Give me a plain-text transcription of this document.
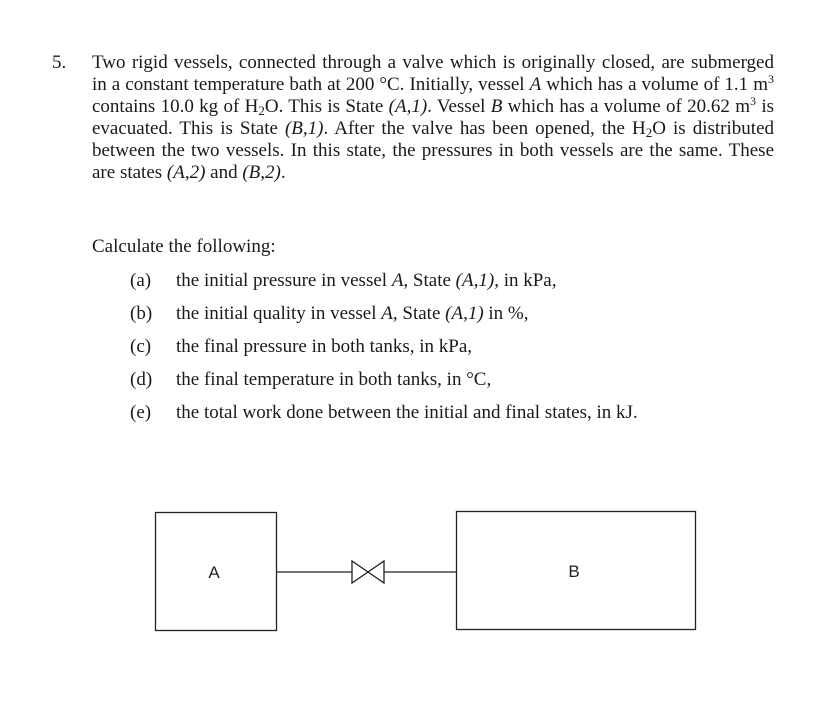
5. Two rigid vessels, connected through a valve which is originally closed, are submerged in a constant temperature bath at 200 °C. Initially, vessel A which has a volume of 1.1 $m^3$ contains 10.0 kg of $H_2O$. This is State (A,1). Vessel B which has a volume of 20.62 $m^3$ is evacuated. This is State (B,1). After the valve has been opened, the $H_2O$ is distributed between the two vessels. In this state, the pressures in both vessels are the same. These are states (A,2) and (B,2).

Calculate the following:
(a) the initial pressure in vessel A, State (A,1), in kPa,
(b) the initial quality in vessel A, State (A,1) in %,
(c) the final pressure in both tanks, in kPa,
(d) the final temperature in both tanks, in °C,
(e) the total work done between the initial and final states, in kJ.
A	B
